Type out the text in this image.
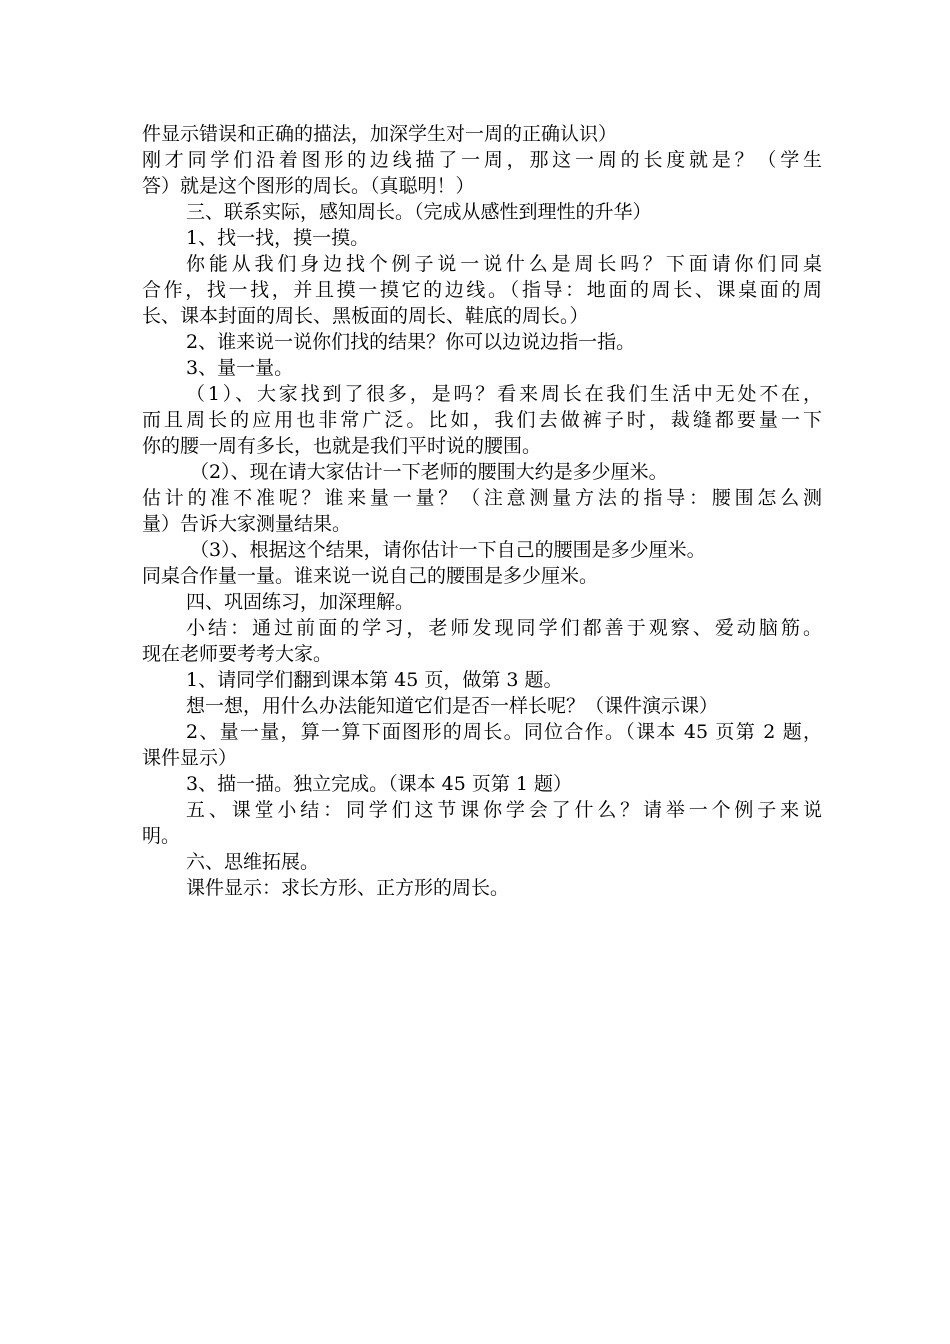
件显示错误和正确的描法，加深学生对一周的正确认识）
刚才同学们沿着图形的边线描了一周，那这一周的长度就是？（学生
答）就是这个图形的周长。（真聪明！）
三、联系实际，感知周长。（完成从感性到理性的升华）
1、找一找，摸一摸。
你能从我们身边找个例子说一说什么是周长吗？下面请你们同桌
合作，找一找，并且摸一摸它的边线。（指导：地面的周长、课桌面的周
长、课本封面的周长、黑板面的周长、鞋底的周长。）
2、谁来说一说你们找的结果？你可以边说边指一指。
3、量一量。
（1）、大家找到了很多，是吗？看来周长在我们生活中无处不在，
而且周长的应用也非常广泛。比如，我们去做裤子时，裁缝都要量一下
你的腰一周有多长，也就是我们平时说的腰围。
（2）、现在请大家估计一下老师的腰围大约是多少厘米。
估计的准不准呢？谁来量一量？（注意测量方法的指导：腰围怎么测
量）告诉大家测量结果。
（3）、根据这个结果，请你估计一下自己的腰围是多少厘米。
同桌合作量一量。谁来说一说自己的腰围是多少厘米。
四、巩固练习，加深理解。
小结：通过前面的学习，老师发现同学们都善于观察、爱动脑筋。
现在老师要考考大家。
1、请同学们翻到课本第 45 页，做第 3 题。
想一想，用什么办法能知道它们是否一样长呢？（课件演示课）
2、量一量，算一算下面图形的周长。同位合作。（课本 45 页第 2 题，
课件显示）
3、描一描。独立完成。（课本 45 页第 1 题）
五、课堂小结：同学们这节课你学会了什么？请举一个例子来说
明。
六、思维拓展。
课件显示：求长方形、正方形的周长。
